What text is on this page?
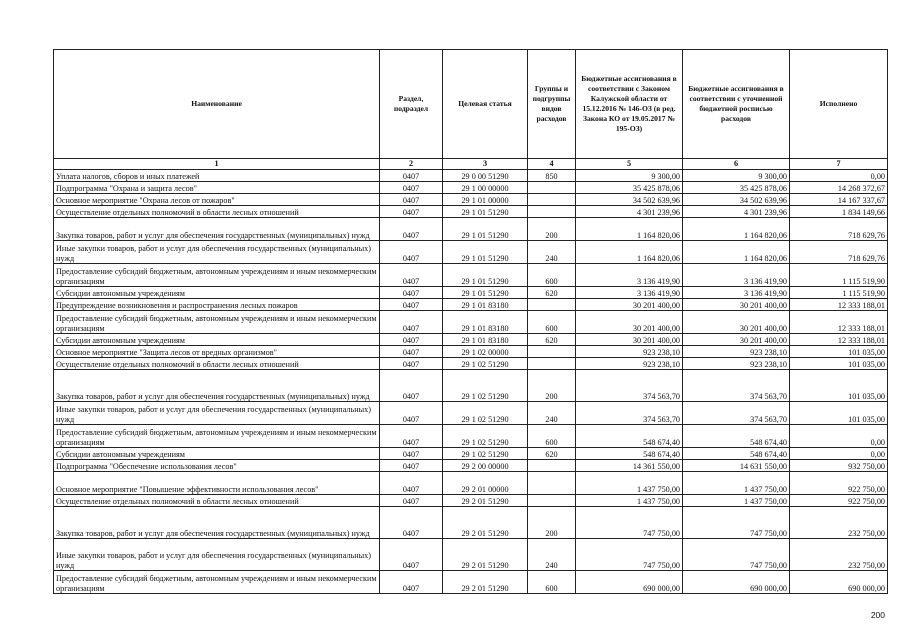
Наименование	Раздел, подраздел	Целевая статья	Группы и подгруппы видов расходов	Бюджетные ассигнования в соответствии с Законом Калужской области от 15.12.2016 № 146-ОЗ (в ред. Закона КО от 19.05.2017 № 195-ОЗ)	Бюджетные ассигнования в соответствии с уточненной бюджетной росписью расходов	Исполнено
1	2	3	4	5	6	7
Уплата налогов, сборов и иных платежей	0407	29 0 00 51290	850	9 300,00	9 300,00	0,00
Подпрограмма "Охрана и защита лесов"	0407	29 1 00 00000		35 425 878,06	35 425 878,06	14 268 372,67
Основное мероприятие "Охрана лесов от пожаров"	0407	29 1 01 00000		34 502 639,96	34 502 639,96	14 167 337,67
Осуществление отдельных полномочий в области лесных отношений	0407	29 1 01 51290		4 301 239,96	4 301 239,96	1 834 149,66
Закупка товаров, работ и услуг для обеспечения государственных (муниципальных) нужд	0407	29 1 01 51290	200	1 164 820,06	1 164 820,06	718 629,76
Иные закупки товаров, работ и услуг для обеспечения государственных (муниципальных) нужд	0407	29 1 01 51290	240	1 164 820,06	1 164 820,06	718 629,76
Предоставление субсидий бюджетным, автономным учреждениям и иным некоммерческим организациям	0407	29 1 01 51290	600	3 136 419,90	3 136 419,90	1 115 519,90
Субсидии автономным учреждениям	0407	29 1 01 51290	620	3 136 419,90	3 136 419,90	1 115 519,90
Предупреждение возникновения и распространения лесных пожаров	0407	29 1 01 83180		30 201 400,00	30 201 400,00	12 333 188,01
Предоставление субсидий бюджетным, автономным учреждениям и иным некоммерческим организациям	0407	29 1 01 83180	600	30 201 400,00	30 201 400,00	12 333 188,01
Субсидии автономным учреждениям	0407	29 1 01 83180	620	30 201 400,00	30 201 400,00	12 333 188,01
Основное мероприятие "Защита лесов от вредных организмов"	0407	29 1 02 00000		923 238,10	923 238,10	101 035,00
Осуществление отдельных полномочий в области лесных отношений	0407	29 1 02 51290		923 238,10	923 238,10	101 035,00
Закупка товаров, работ и услуг для обеспечения государственных (муниципальных) нужд	0407	29 1 02 51290	200	374 563,70	374 563,70	101 035,00
Иные закупки товаров, работ и услуг для обеспечения государственных (муниципальных) нужд	0407	29 1 02 51290	240	374 563,70	374 563,70	101 035,00
Предоставление субсидий бюджетным, автономным учреждениям и иным некоммерческим организациям	0407	29 1 02 51290	600	548 674,40	548 674,40	0,00
Субсидии автономным учреждениям	0407	29 1 02 51290	620	548 674,40	548 674,40	0,00
Подпрограмма "Обеспечение использования лесов"	0407	29 2 00 00000		14 361 550,00	14 631 550,00	932 750,00
Основное мероприятие "Повышение эффективности использования лесов"	0407	29 2 01 00000		1 437 750,00	1 437 750,00	922 750,00
Осуществление отдельных полномочий в области лесных отношений	0407	29 2 01 51290		1 437 750,00	1 437 750,00	922 750,00
Закупка товаров, работ и услуг для обеспечения государственных (муниципальных) нужд	0407	29 2 01 51290	200	747 750,00	747 750,00	232 750,00
Иные закупки товаров, работ и услуг для обеспечения государственных (муниципальных) нужд	0407	29 2 01 51290	240	747 750,00	747 750,00	232 750,00
Предоставление субсидий бюджетным, автономным учреждениям и иным некоммерческим организациям	0407	29 2 01 51290	600	690 000,00	690 000,00	690 000,00
200
